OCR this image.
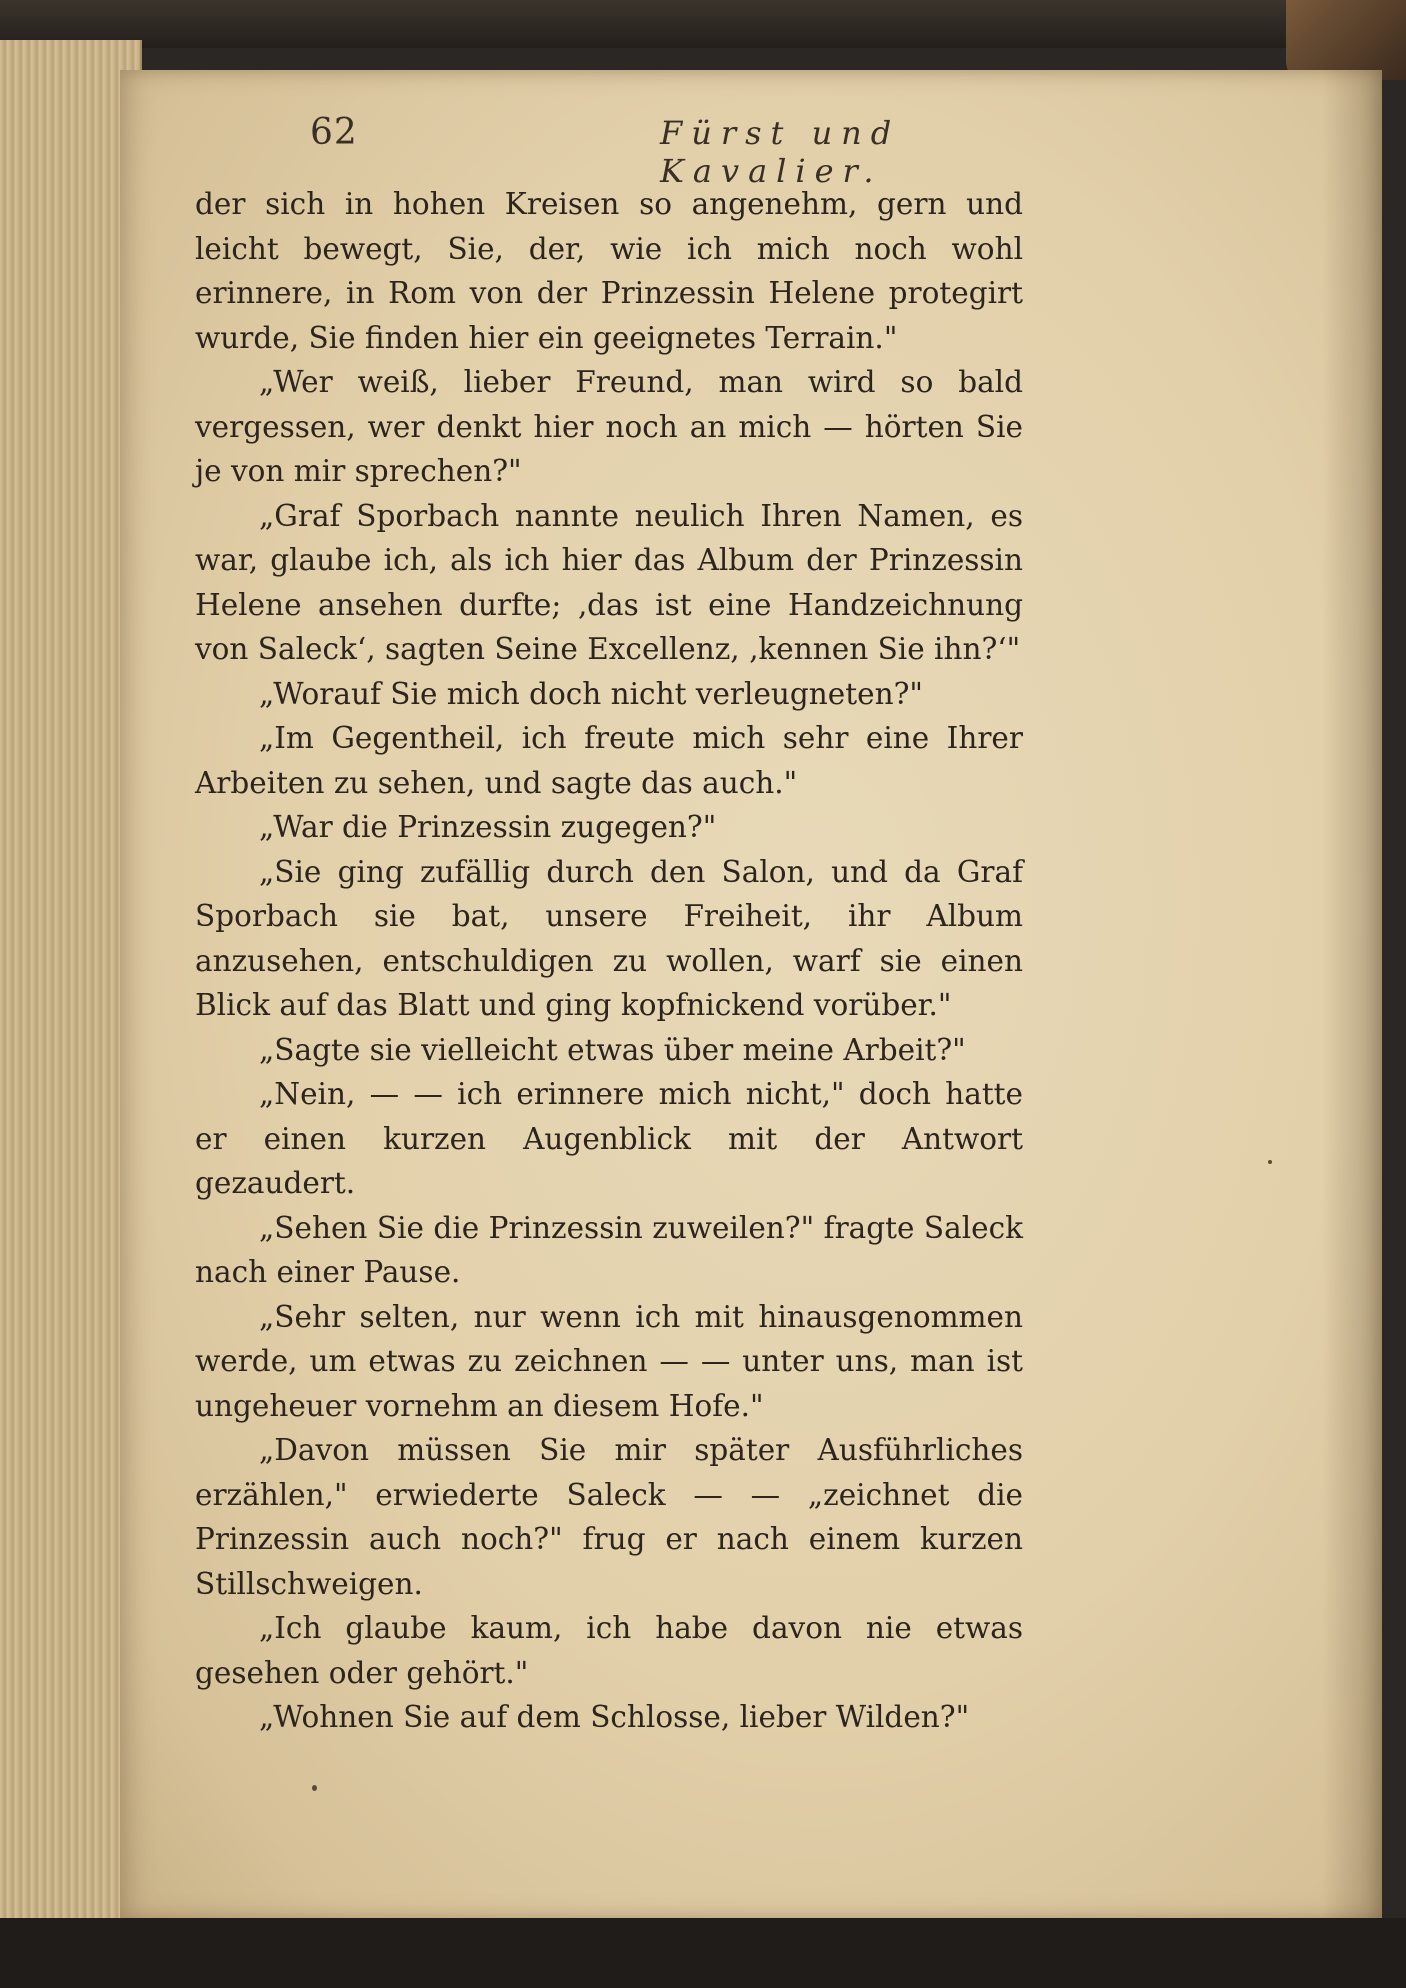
62	Fürst und Kavalier.

der sich in hohen Kreisen so angenehm, gern und leicht bewegt, Sie, der, wie ich mich noch wohl erinnere, in Rom von der Prinzessin Helene protegirt wurde, Sie finden hier ein geeignetes Terrain."

„Wer weiß, lieber Freund, man wird so bald vergessen, wer denkt hier noch an mich — hörten Sie je von mir sprechen?"

„Graf Sporbach nannte neulich Ihren Namen, es war, glaube ich, als ich hier das Album der Prinzessin Helene ansehen durfte; ‚das ist eine Handzeichnung von Saleck‘, sagten Seine Excellenz, ‚kennen Sie ihn?‘"

„Worauf Sie mich doch nicht verleugneten?"

„Im Gegentheil, ich freute mich sehr eine Ihrer Arbeiten zu sehen, und sagte das auch."

„War die Prinzessin zugegen?"

„Sie ging zufällig durch den Salon, und da Graf Sporbach sie bat, unsere Freiheit, ihr Album anzusehen, entschuldigen zu wollen, warf sie einen Blick auf das Blatt und ging kopfnickend vorüber."

„Sagte sie vielleicht etwas über meine Arbeit?"

„Nein, — — ich erinnere mich nicht," doch hatte er einen kurzen Augenblick mit der Antwort gezaudert.

„Sehen Sie die Prinzessin zuweilen?" fragte Saleck nach einer Pause.

„Sehr selten, nur wenn ich mit hinausgenommen werde, um etwas zu zeichnen — — unter uns, man ist ungeheuer vornehm an diesem Hofe."

„Davon müssen Sie mir später Ausführliches erzählen," erwiederte Saleck — — „zeichnet die Prinzessin auch noch?" frug er nach einem kurzen Stillschweigen.

„Ich glaube kaum, ich habe davon nie etwas gesehen oder gehört."

„Wohnen Sie auf dem Schlosse, lieber Wilden?"
